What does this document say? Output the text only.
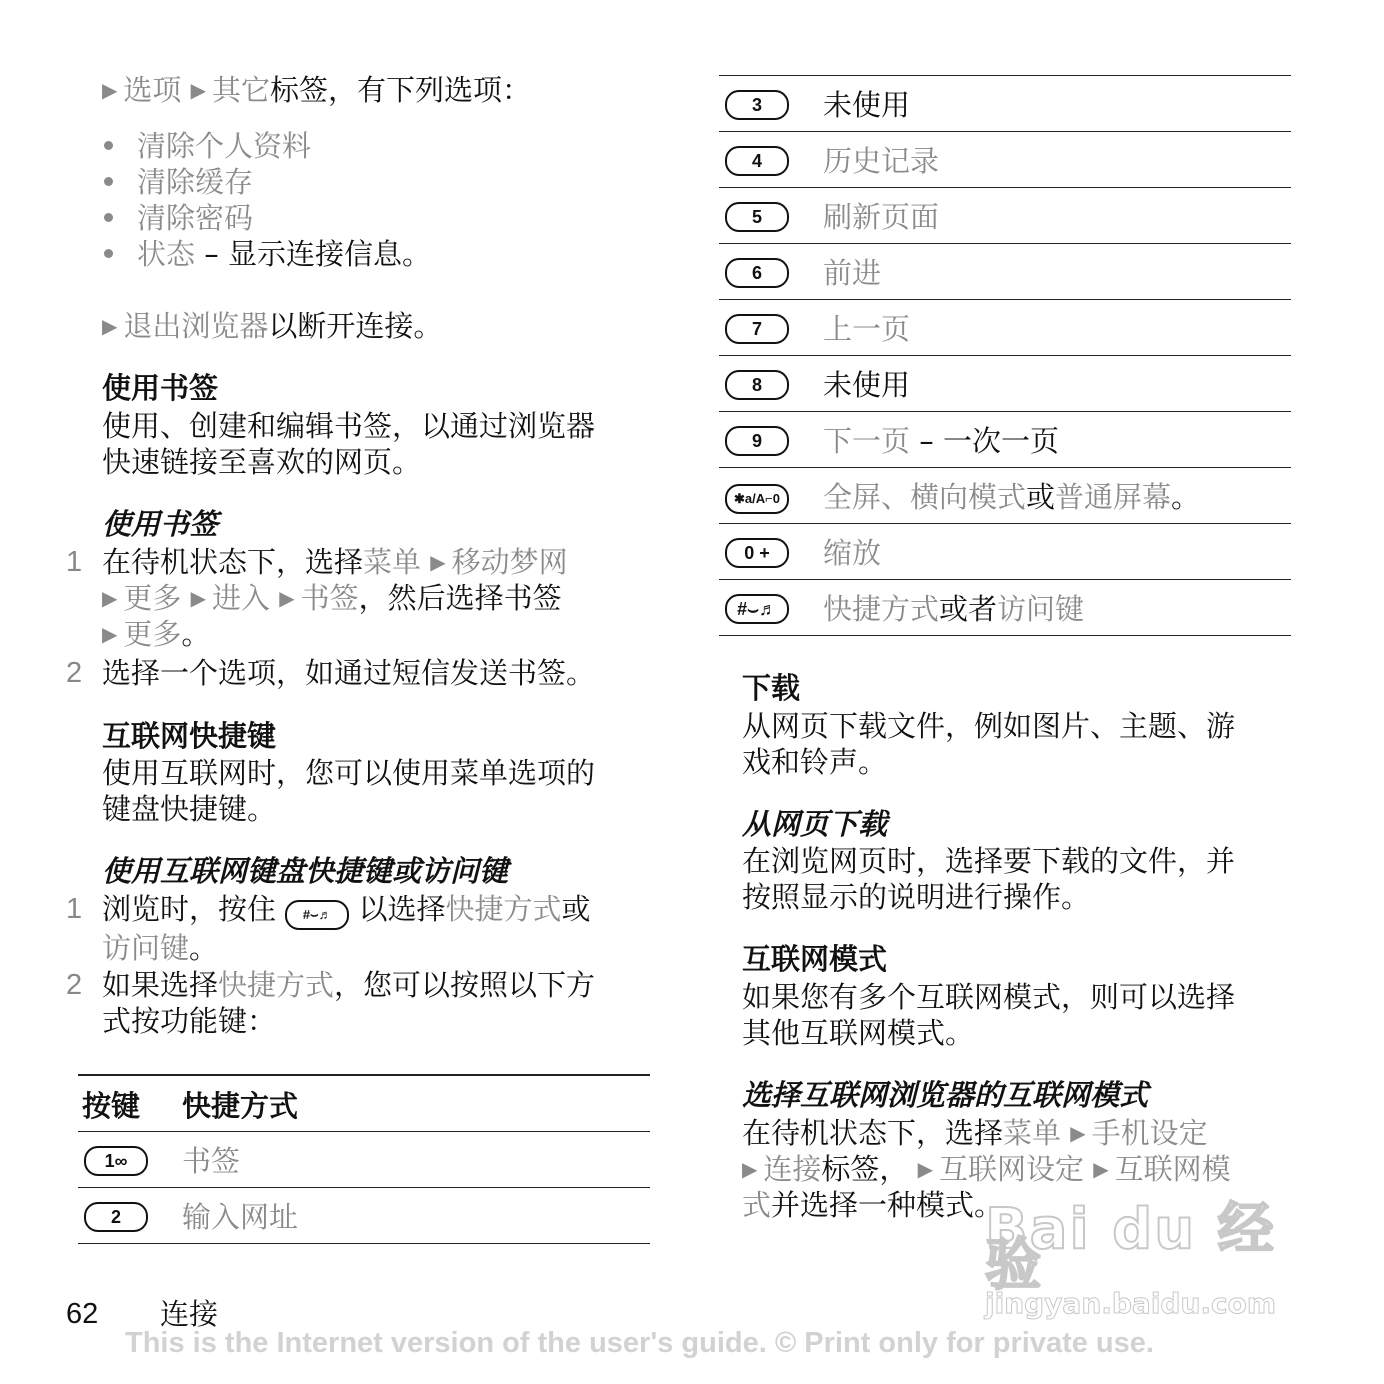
▶ 选项 ▶ 其它标签，有下列选项：
清除个人资料
清除缓存
清除密码
状态 – 显示连接信息。
▶ 退出浏览器以断开连接。
使用书签
使用、创建和编辑书签，以通过浏览器
快速链接至喜欢的网页。
使用书签
1 在待机状态下，选择菜单 ▶ 移动梦网
▶ 更多 ▶ 进入 ▶ 书签，然后选择书签
▶ 更多。
2 选择一个选项，如通过短信发送书签。
互联网快捷键
使用互联网时，您可以使用菜单选项的
键盘快捷键。
使用互联网键盘快捷键或访问键
1 浏览时，按住 #⌣♬ 以选择快捷方式或
访问键。
2 如果选择快捷方式，您可以按照以下方
式按功能键：
按键 快捷方式
1∞	书签
2	输入网址
62 连接
3	未使用
4	历史记录
5	刷新页面
6	前进
7	上一页
8	未使用
9	下一页 – 一次一页
✱a/A⌐0	全屏、横向模式或普通屏幕。
0 +	缩放
#⌣♬	快捷方式或者访问键
下载
从网页下载文件，例如图片、主题、游
戏和铃声。
从网页下载
在浏览网页时，选择要下载的文件，并
按照显示的说明进行操作。
互联网模式
如果您有多个互联网模式，则可以选择
其他互联网模式。
选择互联网浏览器的互联网模式
在待机状态下，选择菜单 ▶ 手机设定
▶ 连接标签， ▶ 互联网设定 ▶ 互联网模
式并选择一种模式。
Bai du 经验
jingyan.baidu.com
This is the Internet version of the user's guide. © Print only for private use.
